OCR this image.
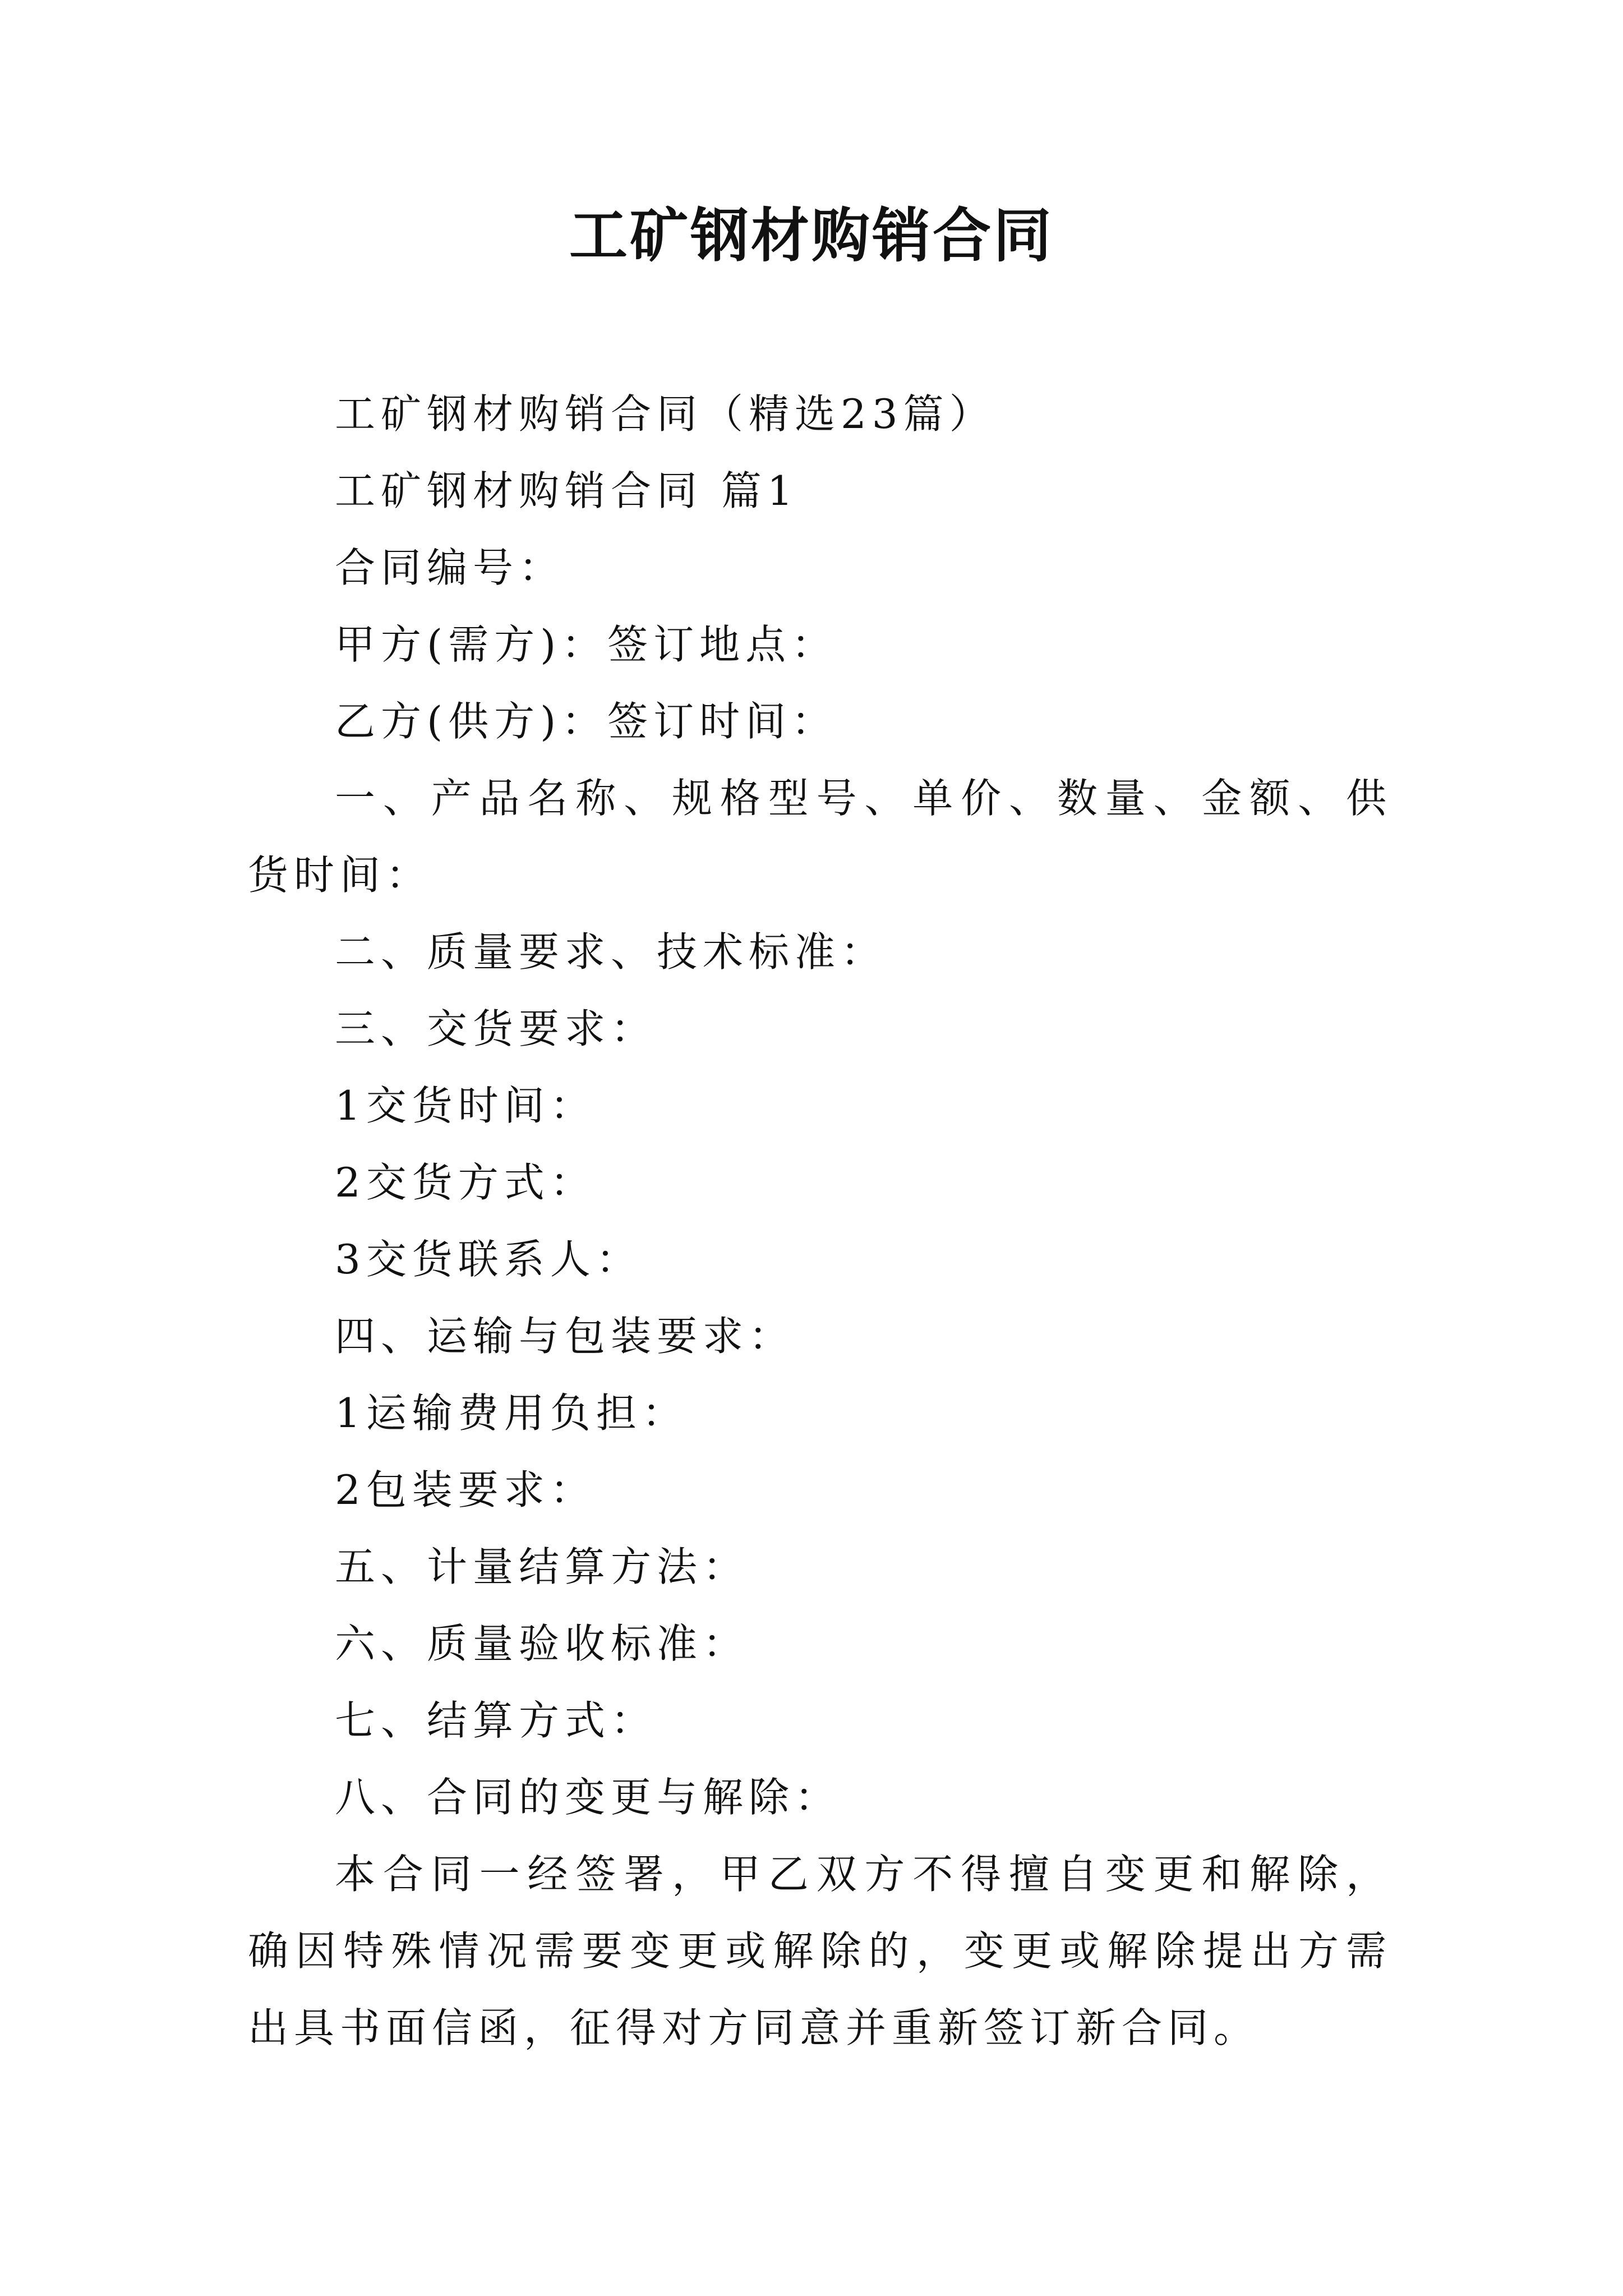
工矿钢材购销合同

工矿钢材购销合同（精选23篇）

工矿钢材购销合同 篇1

合同编号：

甲方(需方)：签订地点：

乙方(供方)：签订时间：

一、产品名称、规格型号、单价、数量、金额、供货时间：

二、质量要求、技术标准：

三、交货要求：

1交货时间：

2交货方式：

3交货联系人：

四、运输与包装要求：

1运输费用负担：

2包装要求：

五、计量结算方法：

六、质量验收标准：

七、结算方式：

八、合同的变更与解除：

本合同一经签署，甲乙双方不得擅自变更和解除，确因特殊情况需要变更或解除的，变更或解除提出方需出具书面信函，征得对方同意并重新签订新合同。
